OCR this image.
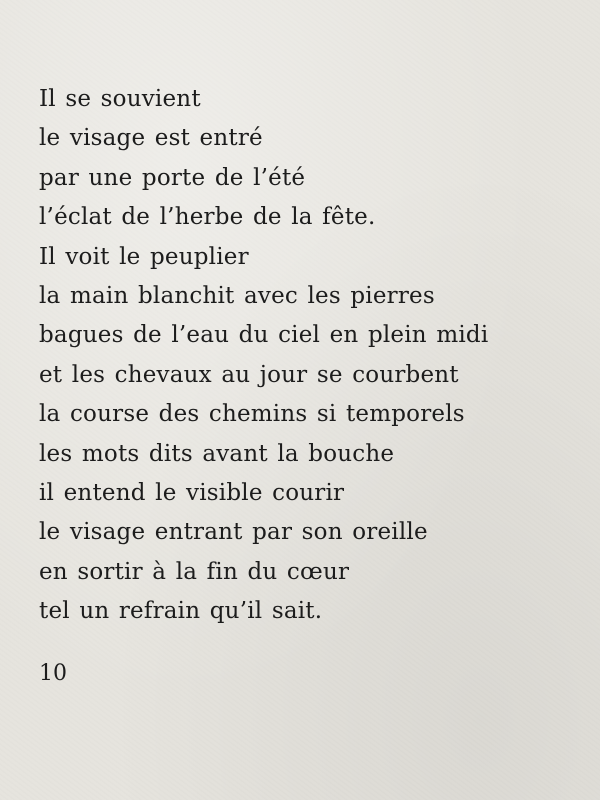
Il se souvient
le visage est entré
par une porte de l’été
l’éclat de l’herbe de la fête.
Il voit le peuplier
la main blanchit avec les pierres
bagues de l’eau du ciel en plein midi
et les chevaux au jour se courbent
la course des chemins si temporels
les mots dits avant la bouche
il entend le visible courir
le visage entrant par son oreille
en sortir à la fin du cœur
tel un refrain qu’il sait.
10
